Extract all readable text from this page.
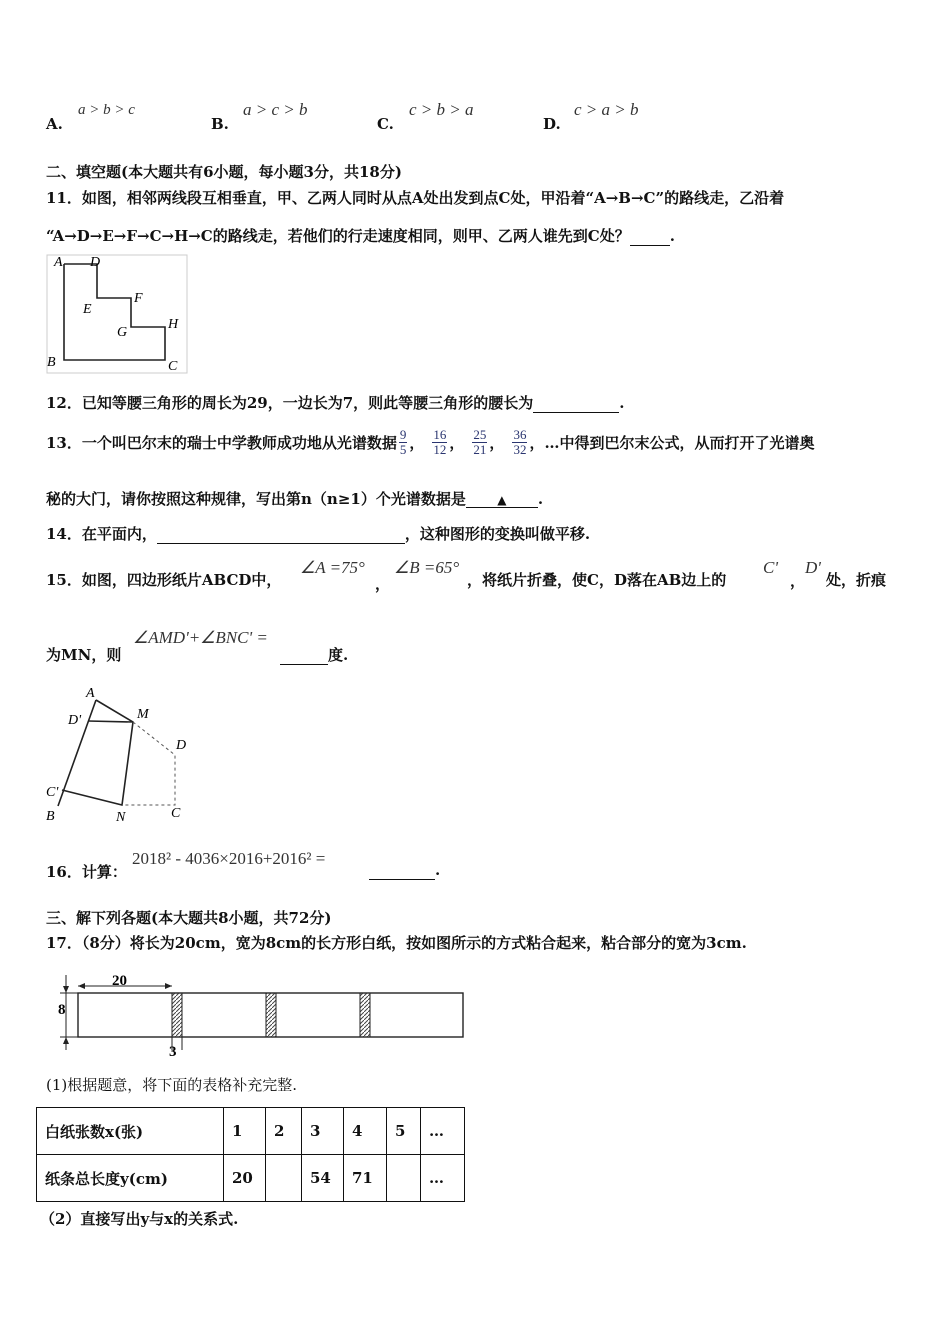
A.
a > b > c
B.
a > c > b
C.
c > b > a
D.
c > a > b
二、填空题(本大题共有6小题，每小题3分，共18分)
11．如图，相邻两线段互相垂直，甲、乙两人同时从点A处出发到点C处，甲沿着“A→B→C”的路线走，乙沿着
“A→D→E→F→C→H→C的路线走，若他们的行走速度相同，则甲、乙两人谁先到C处？	.
A D
E
F
G
H
B	C
A
D'	M
D
C'
B	N	C
20
8
3
12．已知等腰三角形的周长为29，一边长为7，则此等腰三角形的腰长为	.
13．一个叫巴尔末的瑞士中学教师成功地从光谱数据 $\frac{9}{5}$ ， $\frac{16}{12}$ ， $\frac{25}{21}$ ， $\frac{36}{32}$ ，…中得到巴尔末公式，从而打开了光谱奥
秘的大门，请你按照这种规律，写出第n（n≥1）个光谱数据是	▲ .
14．在平面内，	，这种图形的变换叫做平移.
15．如图，四边形纸片ABCD中，
∠A =75°
，
∠B =65°
，将纸片折叠，使C，D落在AB边上的
C'
，
D'
处，折痕
为MN，则
∠AMD'+∠BNC' =
度.
16．计算：
2018² - 4036×2016+2016² =
.
三、解下列各题(本大题共8小题，共72分)
17．（8分）将长为20cm，宽为8cm的长方形白纸，按如图所示的方式粘合起来，粘合部分的宽为3cm.
(1)根据题意，将下面的表格补充完整.
白纸张数x(张)	1	2	3	4	5	…
纸条总长度y(cm)	20		54	71		…
（2）直接写出y与x的关系式.
